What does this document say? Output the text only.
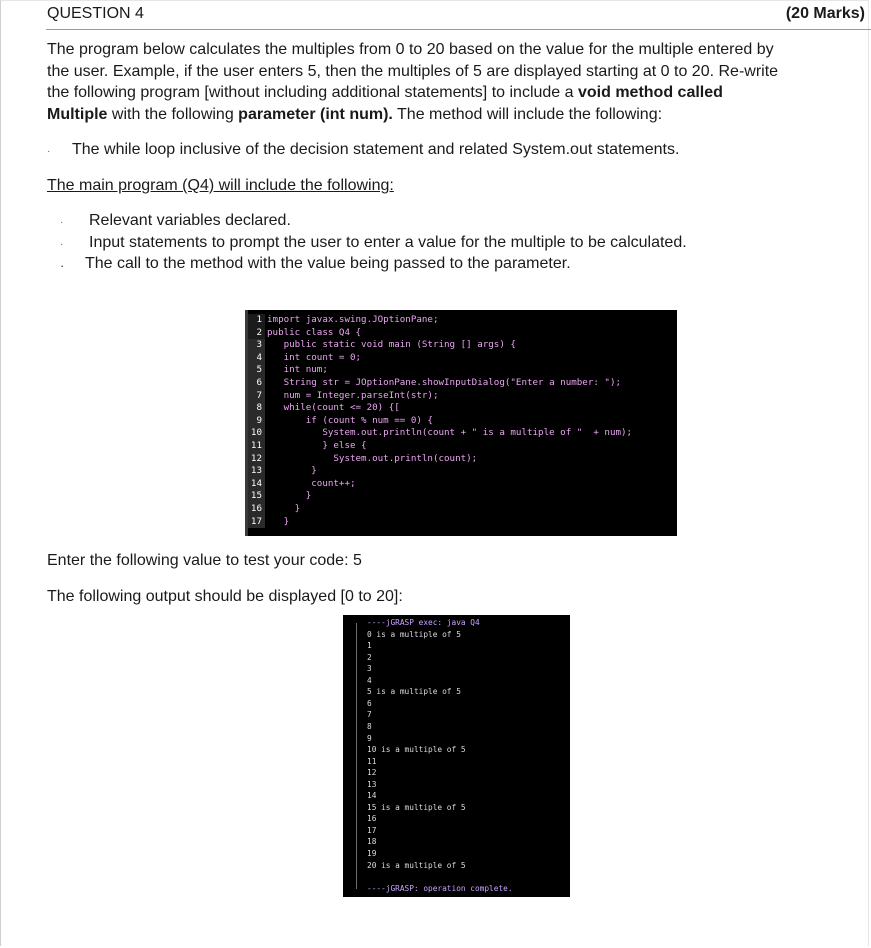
QUESTION 4	(20 Marks)
The program below calculates the multiples from 0 to 20 based on the value for the multiple entered by the user. Example, if the user enters 5, then the multiples of 5 are displayed starting at 0 to 20. Re-write the following program [without including additional statements] to include a void method called Multiple with the following parameter (int num). The method will include the following:
· The while loop inclusive of the decision statement and related System.out statements.
The main program (Q4) will include the following:
· Relevant variables declared.
· Input statements to prompt the user to enter a value for the multiple to be calculated.
· The call to the method with the value being passed to the parameter.
1 import javax.swing.JOptionPane;
2 public class Q4 {
3 public static void main (String [] args) {
4 int count = 0;
5 int num;
6 String str = JOptionPane.showInputDialog("Enter a number: ");
7 num = Integer.parseInt(str);
8 while(count <= 20) {[
9 if (count % num == 0) {
10 System.out.println(count + " is a multiple of "  + num);
11 } else {
12 System.out.println(count);
13 }
14 count++;
15 }
16 }
17 }
Enter the following value to test your code: 5
The following output should be displayed [0 to 20]:
----jGRASP exec: java Q4
0 is a multiple of 5
1
2
3
4
5 is a multiple of 5
6
7
8
9
10 is a multiple of 5
11
12
13
14
15 is a multiple of 5
16
17
18
19
20 is a multiple of 5
----jGRASP: operation complete.
